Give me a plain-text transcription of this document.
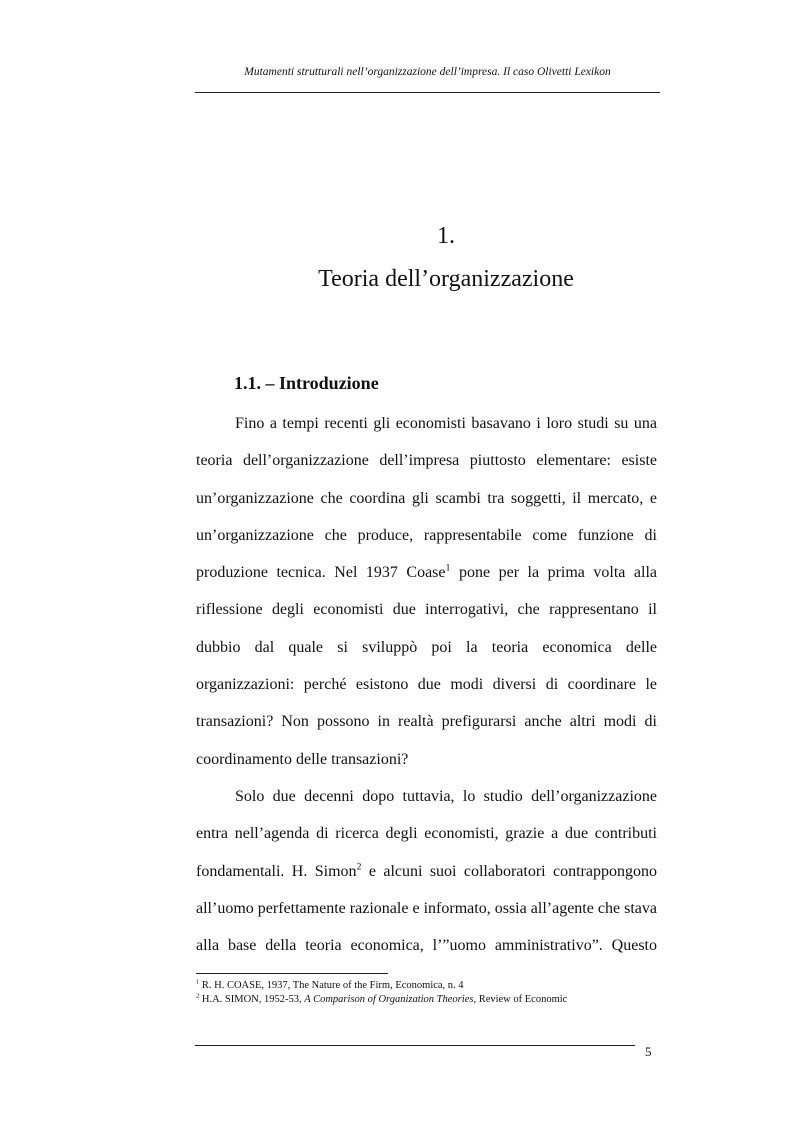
Mutamenti strutturali nell’organizzazione dell’impresa. Il caso Olivetti Lexikon
1.
Teoria dell’organizzazione
1.1. – Introduzione

Fino a tempi recenti gli economisti basavano i loro studi su una teoria dell’organizzazione dell’impresa piuttosto elementare: esiste un’organizzazione che coordina gli scambi tra soggetti, il mercato, e un’organizzazione che produce, rappresentabile come funzione di produzione tecnica. Nel 1937 Coase$^1$ pone per la prima volta alla riflessione degli economisti due interrogativi, che rappresentano il dubbio dal quale si sviluppò poi la teoria economica delle organizzazioni: perché esistono due modi diversi di coordinare le transazioni? Non possono in realtà prefigurarsi anche altri modi di coordinamento delle transazioni?

Solo due decenni dopo tuttavia, lo studio dell’organizzazione entra nell’agenda di ricerca degli economisti, grazie a due contributi fondamentali. H. Simon$^2$ e alcuni suoi collaboratori contrappongono all’uomo perfettamente razionale e informato, ossia all’agente che stava alla base della teoria economica, l’”uomo amministrativo”. Questo

$^1$ R. H. COASE, 1937, The Nature of the Firm, Economica, n. 4

$^2$ H.A. SIMON, 1952-53, A Comparison of Organization Theories, Review of Economic

5
